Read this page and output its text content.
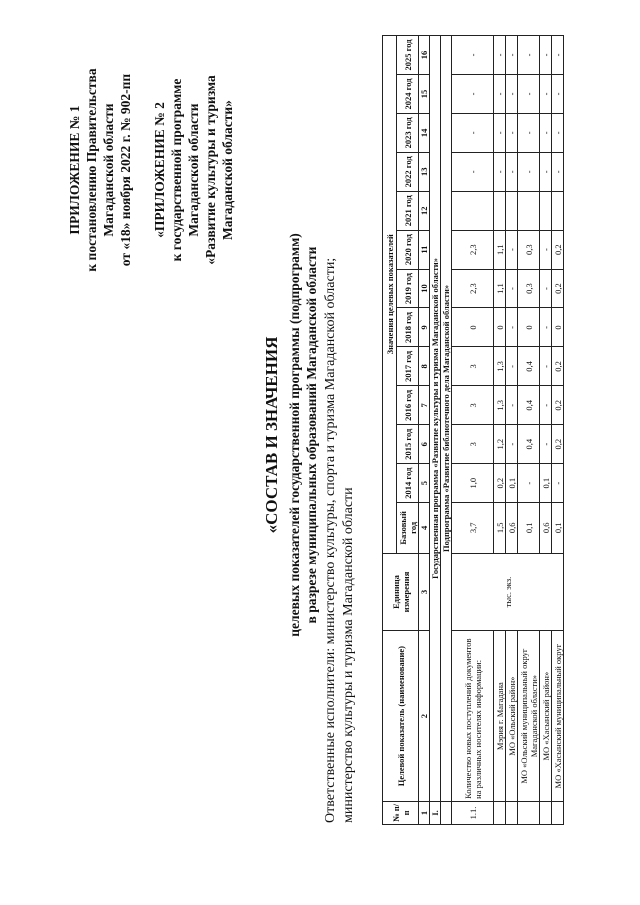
ПРИЛОЖЕНИЕ № 1 к постановлению Правительства Магаданской области от «18» ноября 2022 г. № 902-пп «ПРИЛОЖЕНИЕ № 2 к государственной программе Магаданской области «Развитие культуры и туризма Магаданской области»
«СОСТАВ И ЗНАЧЕНИЯ целевых показателей государственной программы (подпрограмм) в разрезе муниципальных образований Магаданской области Ответственные исполнители: министерство культуры, спорта и туризма Магаданской области; министерство культуры и туризма Магаданской области	№ п/п	Целевой показатель (наименование)	Единица измерения	Значения целевых показателей												
			Базовый год	2014 год	2015 год	2016 год	2017 год	2018 год	2019 год	2020 год	2021 год	2022 год	2023 год	2024 год	2025 год
1	2	3	4	5	6	7	8	9	10	11	12	13	14	15	16
I.	Государственная программа «Развитие культуры и туризма Магаданской области»														
	Подпрограмма «Развитие библиотечного дела Магаданской области»														
1.1.	Количество новых поступлений документов на различных носителях информации:	тыс. экз.	3,7	1,0	3	3	3	0	2,3	2,3		-	-	-	-
	Мэрия г. Магадана		1,5	0,2	1,2	1,3	1,3	0	1,1	1,1		-	-	-	-
	МО «Ольский район»		0,6	0,1	-	-	-	-	-	-		-	-	-	-
	МО «Ольский муниципальный округ Магаданской области»		0,1	-	0,4	0,4	0,4	0	0,3	0,3		-	-	-	-
	МО «Хасынский район»		0,6	0,1	-	-	-	-	-	-		-	-	-	-
	МО «Хасынский муниципальный округ		0,1	-	0,2	0,2	0,2	0	0,2	0,2		-	-	-	-
